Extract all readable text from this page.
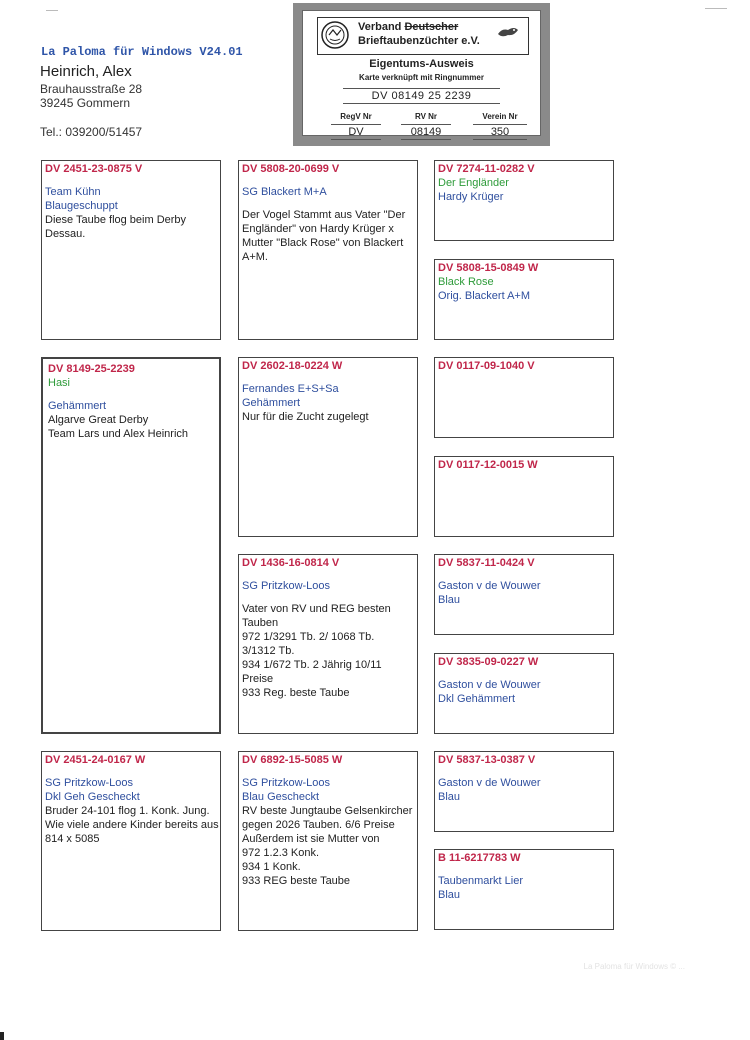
La Paloma für Windows V24.01
Heinrich, Alex
Brauhausstraße 28
39245 Gommern
Tel.: 039200/51457
Verband Deutscher
Brieftaubenzüchter e.V.
Eigentums-Ausweis
Karte verknüpft mit Ringnummer
DV 08149 25 2239
RegV Nr	RV Nr	Verein Nr
DV	08149	350
DV 2451-23-0875 V
Team Kühn
Blaugeschuppt
Diese Taube flog beim Derby
Dessau.
DV 5808-20-0699 V
SG Blackert M+A
Der Vogel Stammt aus Vater "Der
Engländer" von Hardy Krüger x
Mutter "Black Rose" von Blackert
A+M.
DV 7274-11-0282 V
Der Engländer
Hardy Krüger
DV 5808-15-0849 W
Black Rose
Orig. Blackert A+M
DV 8149-25-2239
Hasi
Gehämmert
Algarve Great Derby
Team Lars und Alex Heinrich
DV 2602-18-0224 W
Fernandes E+S+Sa
Gehämmert
Nur für die Zucht zugelegt
DV 1436-16-0814 V
SG Pritzkow-Loos
Vater von RV und REG besten
Tauben
972 1/3291 Tb. 2/ 1068 Tb.
3/1312 Tb.
934 1/672 Tb. 2 Jährig 10/11
Preise
933 Reg. beste Taube
DV 0117-09-1040 V
DV 0117-12-0015 W
DV 5837-11-0424 V
Gaston v de Wouwer
Blau
DV 3835-09-0227 W
Gaston v de Wouwer
Dkl Gehämmert
DV 2451-24-0167 W
SG Pritzkow-Loos
Dkl Geh Gescheckt
Bruder 24-101 flog 1. Konk. Jung.
Wie viele andere Kinder bereits aus
814 x 5085
DV 6892-15-5085 W
SG Pritzkow-Loos
Blau Gescheckt
RV beste Jungtaube Gelsenkircher
gegen 2026 Tauben. 6/6 Preise
Außerdem ist sie Mutter von
972 1.2.3 Konk.
934 1 Konk.
933 REG beste Taube
DV 5837-13-0387 V
Gaston v de Wouwer
Blau
B 11-6217783 W
Taubenmarkt Lier
Blau
La Paloma für Windows © ...
